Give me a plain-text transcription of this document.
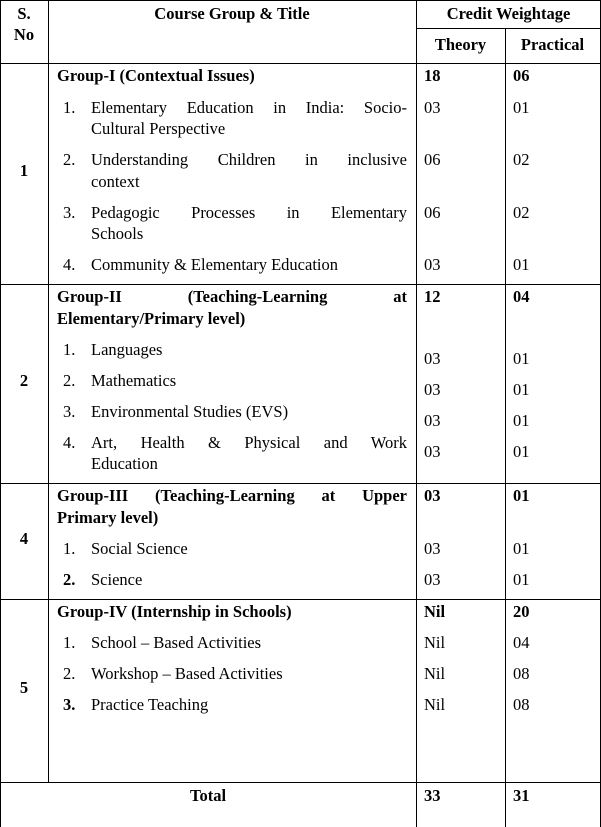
S.
No
Course Group & Title	Credit Weightage
Theory	Practical
1
Group-I (Contextual Issues)	18	06
1. Elementary Education in India: Socio-
Cultural Perspective
03	01
2. Understanding Children in inclusive
context
06	02
3. Pedagogic Processes in Elementary
Schools
06	02
4. Community & Elementary Education	03	01
2
Group-II (Teaching-Learning at
Elementary/Primary level)
12	04
1. Languages	03	01
2. Mathematics	03	01
3. Environmental Studies (EVS)	03	01
4. Art, Health & Physical and Work
Education
03	01
4
Group-III (Teaching-Learning at Upper
Primary level)
03	01
1. Social Science	03	01
2. Science	03	01
5
Group-IV (Internship in Schools)	Nil	20
1. School – Based Activities	Nil	04
2. Workshop – Based Activities	Nil	08
3. Practice Teaching	Nil	08
Total	33	31
